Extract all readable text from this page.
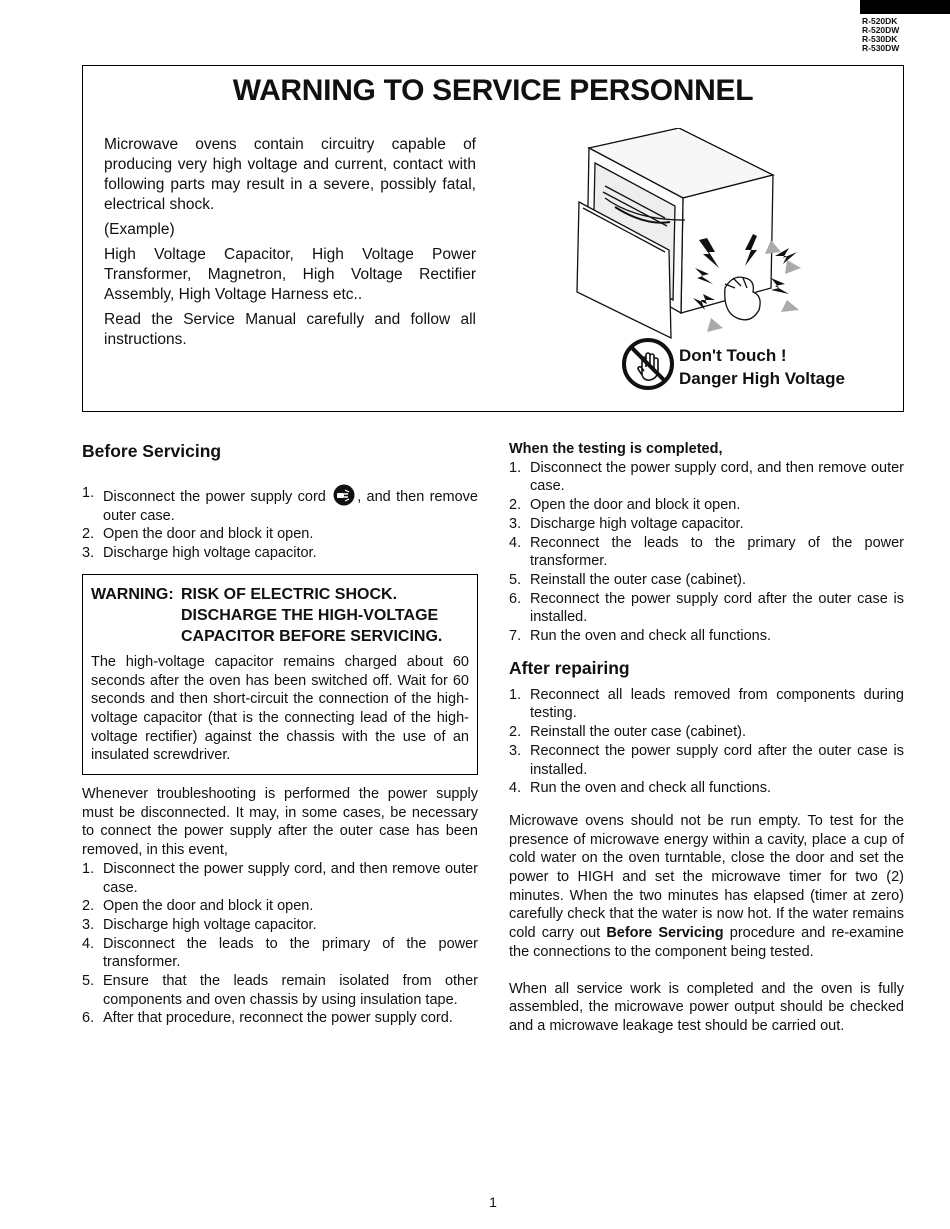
R-520DK
R-520DW
R-530DK
R-530DW
WARNING TO SERVICE PERSONNEL

Microwave ovens contain circuitry capable of producing very high voltage and current, contact with following parts may result in a severe, possibly fatal, electrical shock.

(Example)

High Voltage Capacitor, High Voltage Power Transformer, Magnetron, High Voltage Rectifier Assembly, High Voltage Harness etc..

Read the Service Manual carefully and follow all instructions.

Don't Touch !
Danger High Voltage
Before Servicing
1. Disconnect the power supply cord , and then remove outer case.
2. Open the door and block it open.
3. Discharge high voltage capacitor.
WARNING: RISK OF ELECTRIC SHOCK.
DISCHARGE THE HIGH-VOLTAGE
CAPACITOR BEFORE SERVICING.
The high-voltage capacitor remains charged about 60 seconds after the oven has been switched off. Wait for 60 seconds and then short-circuit the connection of the high-voltage capacitor (that is the connecting lead of the high-voltage rectifier) against the chassis with the use of an insulated screwdriver.
Whenever troubleshooting is performed the power supply must be disconnected. It may, in some cases, be necessary to connect the power supply after the outer case has been removed, in this event,
1. Disconnect the power supply cord, and then remove outer case.
2. Open the door and block it open.
3. Discharge high voltage capacitor.
4. Disconnect the leads to the primary of the power transformer.
5. Ensure that the leads remain isolated from other components and oven chassis by using insulation tape.
6. After that procedure, reconnect the power supply cord.
When the testing is completed,
1. Disconnect the power supply cord, and then remove outer case.
2. Open the door and block it open.
3. Discharge high voltage capacitor.
4. Reconnect the leads to the primary of the power transformer.
5. Reinstall the outer case (cabinet).
6. Reconnect the power supply cord after the outer case is installed.
7. Run the oven and check all functions.
After repairing
1. Reconnect all leads removed from components during testing.
2. Reinstall the outer case (cabinet).
3. Reconnect the power supply cord after the outer case is installed.
4. Run the oven and check all functions.
Microwave ovens should not be run empty. To test for the presence of microwave energy within a cavity, place a cup of cold water on the oven turntable, close the door and set the power to HIGH and set the microwave timer for two (2) minutes. When the two minutes has elapsed (timer at zero) carefully check that the water is now hot. If the water remains cold carry out Before Servicing procedure and re-examine the connections to the component being tested.
When all service work is completed and the oven is fully assembled, the microwave power output should be checked and a microwave leakage test should be carried out.
1
